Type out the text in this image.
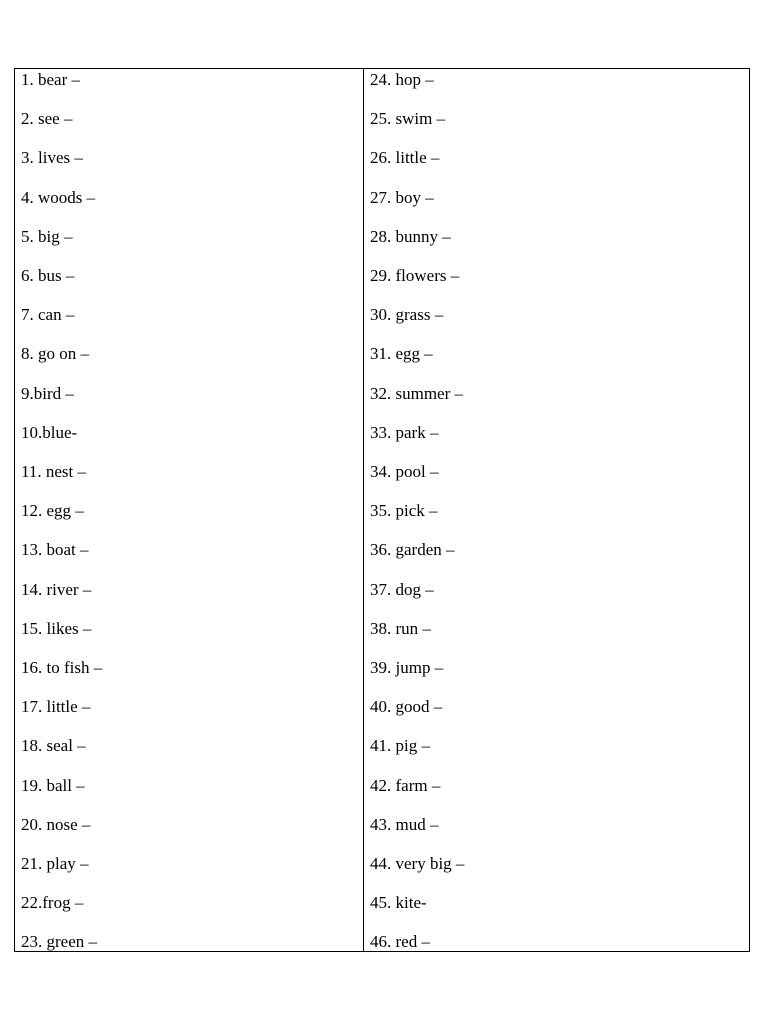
1. bear –
2. see –
3. lives –
4. woods –
5. big –
6. bus –
7. can –
8. go on –
9.bird –
10.blue-
11. nest –
12. egg –
13. boat –
14. river –
15. likes –
16. to fish –
17. little –
18. seal –
19. ball –
20. nose –
21. play –
22.frog –
23. green –
24. hop –
25. swim –
26. little –
27. boy –
28. bunny –
29. flowers –
30. grass –
31. egg –
32. summer –
33. park –
34. pool –
35. pick –
36. garden –
37. dog –
38. run –
39. jump –
40. good –
41. pig –
42. farm –
43. mud –
44. very big –
45. kite-
46. red –
